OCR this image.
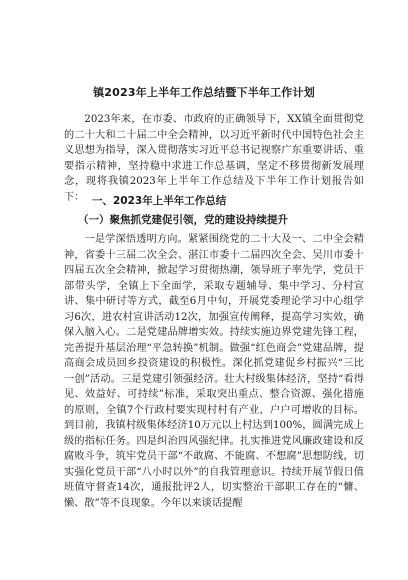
镇2023年上半年工作总结暨下半年工作计划

2023年来，在市委、市政府的正确领导下，XX镇全面贯彻党的二十大和二十届二中全会精神，以习近平新时代中国特色社会主义思想为指导，深入贯彻落实习近平总书记视察广东重要讲话、重要指示精神，坚持稳中求进工作总基调，坚定不移贯彻新发展理念，现将我镇2023年上半年工作总结及下半年工作计划报告如下： 一、2023年上半年工作总结
（一）聚焦抓党建促引领，党的建设持续提升

一是学深悟透明方向。紧紧围绕党的二十大及一、二中全会精神，省委十三届二次全会、湛江市委十二届四次全会、吴川市委十四届五次全会精神，掀起学习贯彻热潮，领导班子率先学，党员干部带头学，全镇上下全面学，采取专题辅导、集中学习、分村宣讲、集中研讨等方式，截至6月中旬，开展党委理论学习中心组学习6次，进农村宣讲活动12次，加强宣传阐释，提高学习实效，确保入脑入心。二是党建品牌增实效。持续实施边界党建先锋工程，完善提升基层治理“平急转换”机制。做强“红色商会”党建品牌，提高商会成员回乡投资建设的积极性。深化抓党建促乡村振兴“三比一创”活动。三是党建引领强经济。壮大村级集体经济，坚持“看得见、效益好、可持续”标准，采取突出重点、整合资源、强化措施的原则，全镇7个行政村要实现村村有产业，户户可增收的目标。到目前，我镇村级集体经济10万元以上村达到100%，圆满完成上级的指标任务。四是纠治四风强纪律。扎实推进党风廉政建设和反腐败斗争，筑牢党员干部“不敢腐、不能腐、不想腐”思想防线，切实强化党员干部“八小时以外”的自我管理意识。持续开展节假日值班值守督查14次，通报批评2人，切实整治干部职工存在的“慵、懒、散”等不良现象。今年以来谈话提醒
